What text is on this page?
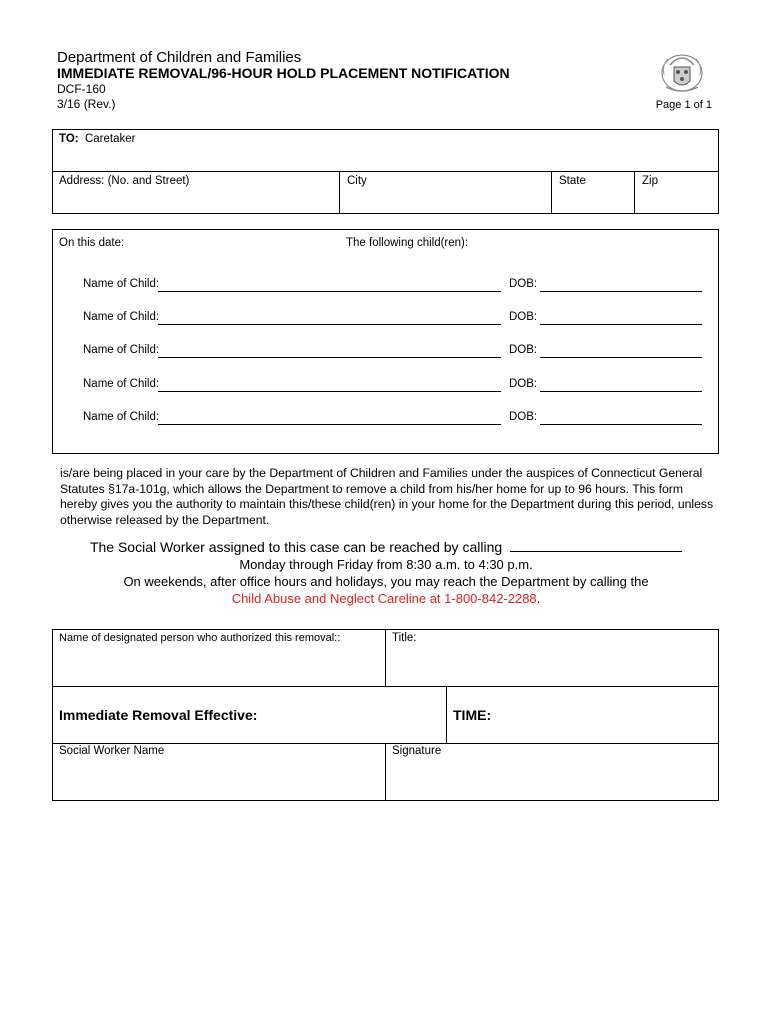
Department of Children and Families
IMMEDIATE REMOVAL/96-HOUR HOLD PLACEMENT NOTIFICATION
DCF-160
3/16 (Rev.)	Page 1 of 1
TO: Caretaker
Address: (No. and Street)	City	State	Zip
On this date:	The following child(ren):
Name of Child:	DOB:
Name of Child:	DOB:
Name of Child:	DOB:
Name of Child:	DOB:
Name of Child:	DOB:
is/are being placed in your care by the Department of Children and Families under the auspices of Connecticut General Statutes §17a-101g, which allows the Department to remove a child from his/her home for up to 96 hours. This form hereby gives you the authority to maintain this/these child(ren) in your home for the Department during this period, unless otherwise released by the Department.
The Social Worker assigned to this case can be reached by calling
Monday through Friday from 8:30 a.m. to 4:30 p.m.
On weekends, after office hours and holidays, you may reach the Department by calling the
Child Abuse and Neglect Careline at 1-800-842-2288.
Name of designated person who authorized this removal::	Title:
Immediate Removal Effective:	TIME:
Social Worker Name	Signature
